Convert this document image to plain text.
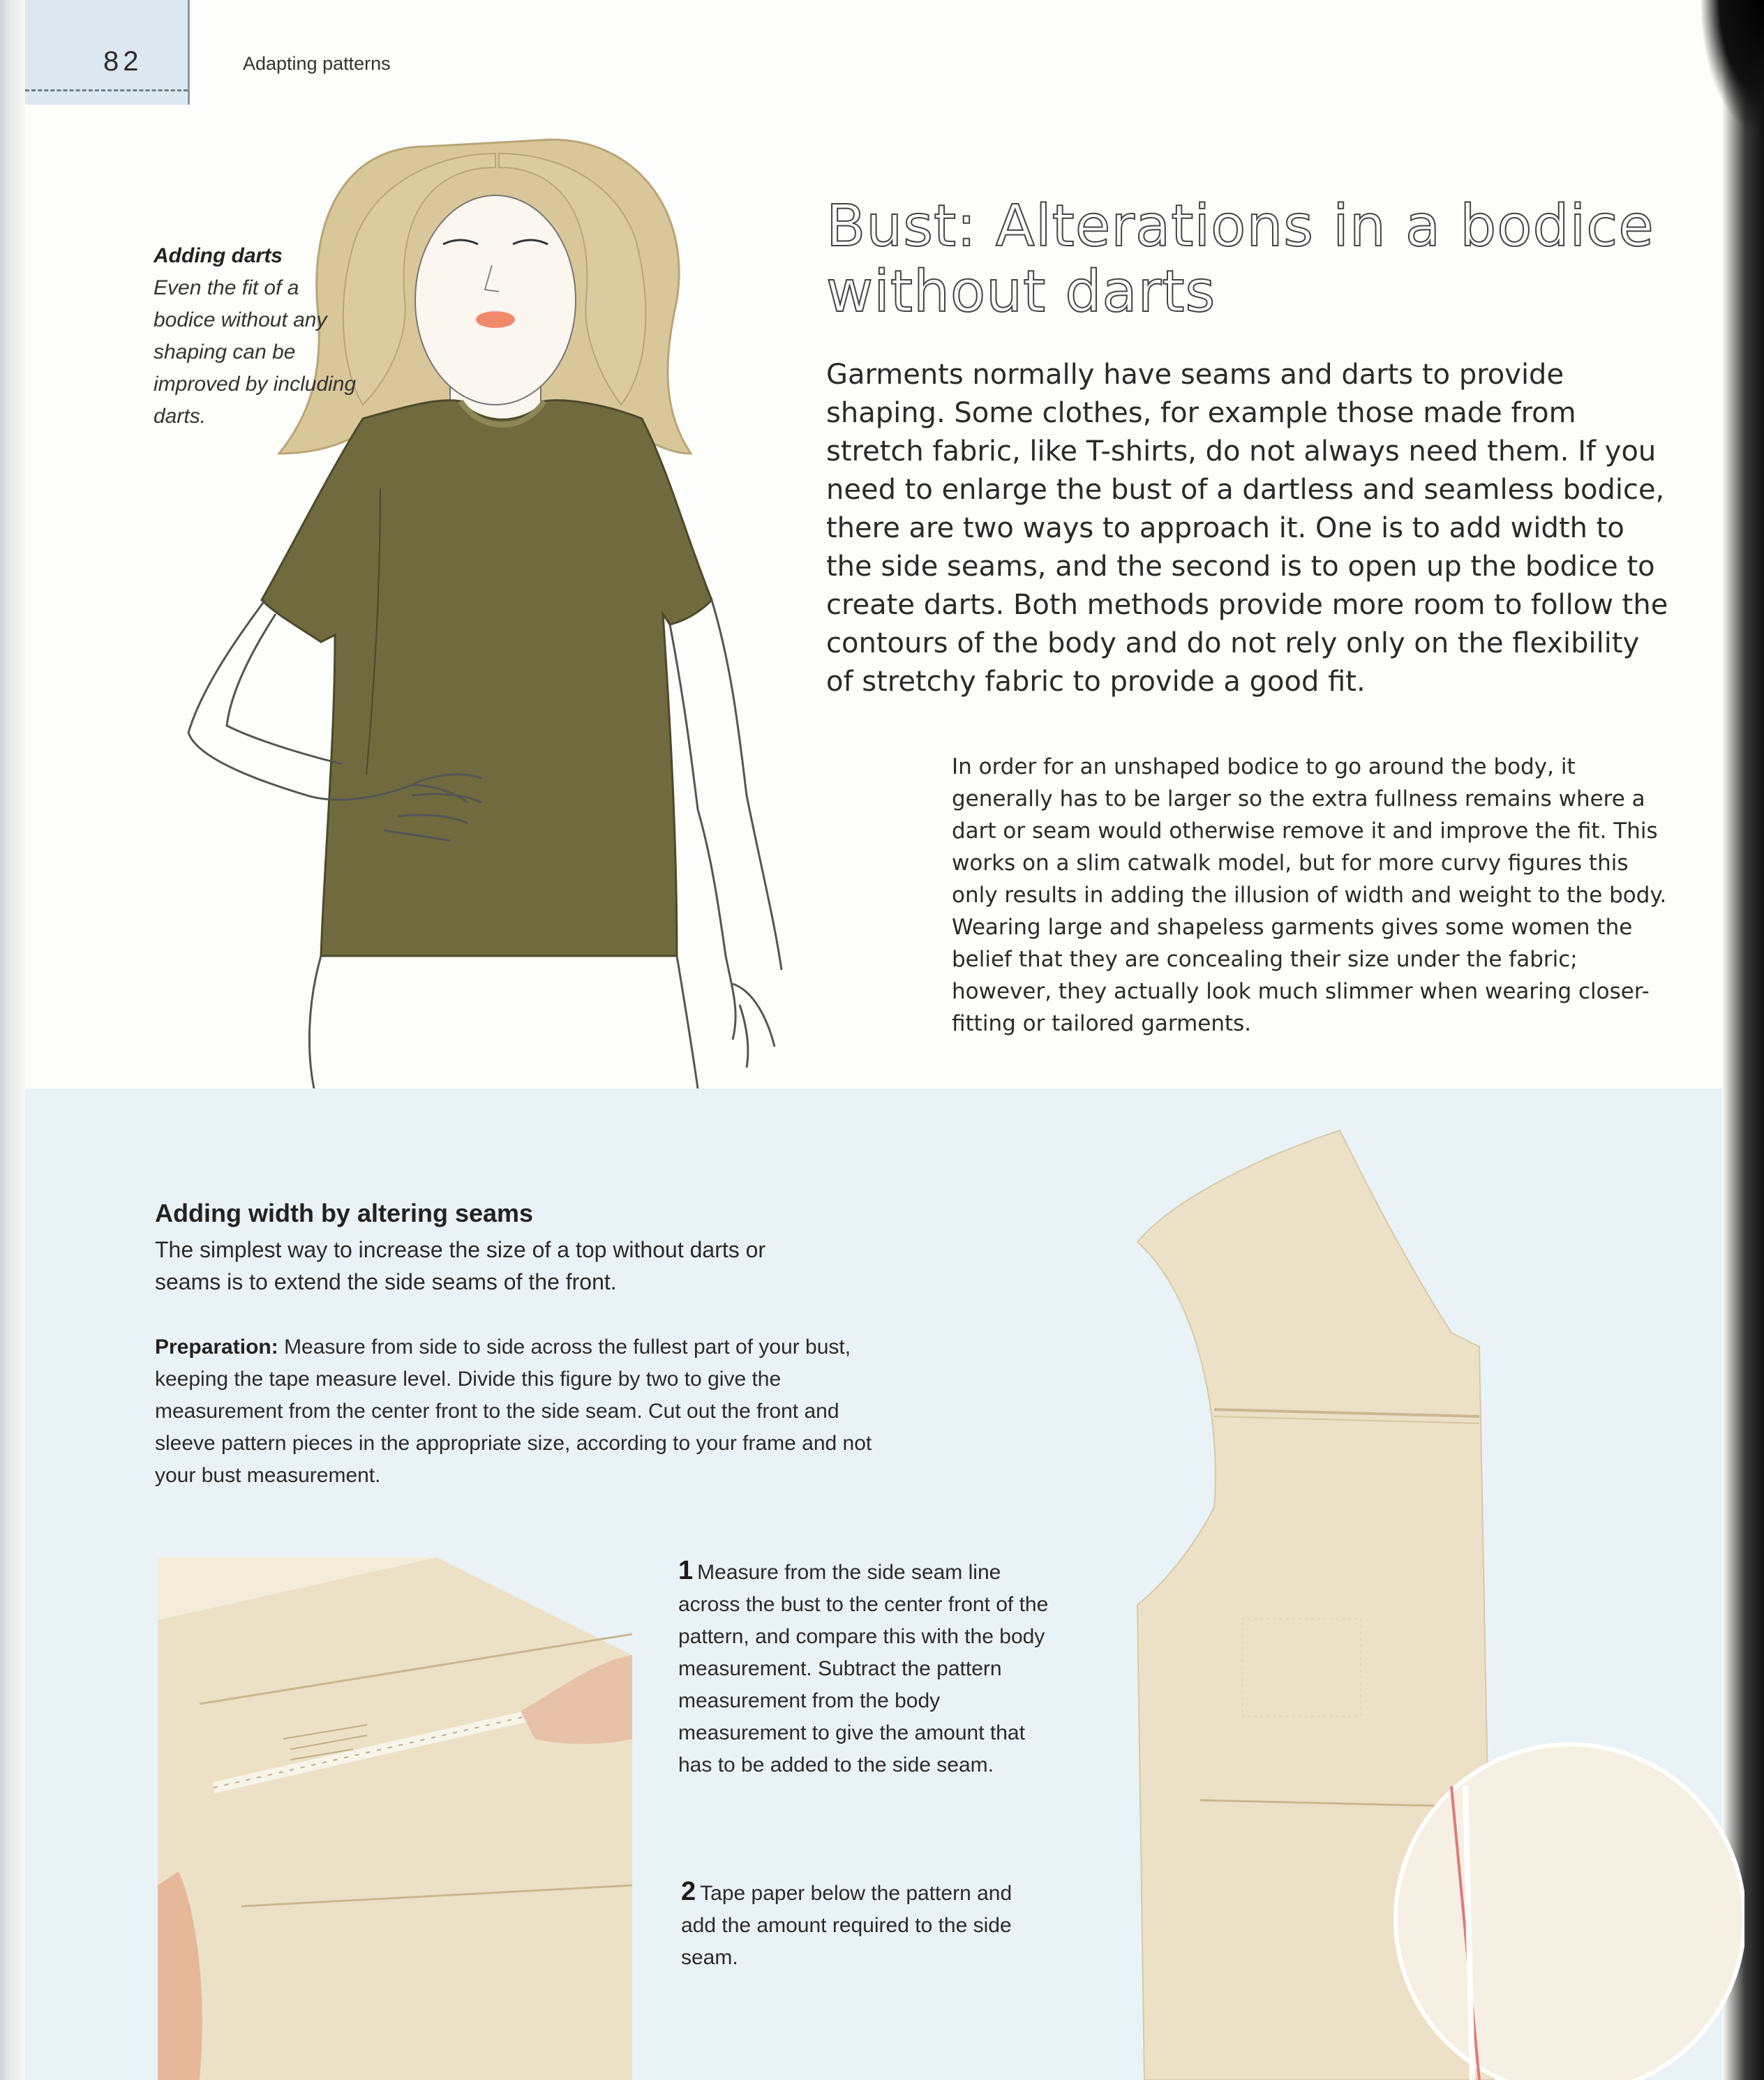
82	Adapting patterns
Adding darts
Even the fit of a bodice without any shaping can be improved by including darts.
Bust: Alterations in a bodice without darts

Garments normally have seams and darts to provide shaping. Some clothes, for example those made from stretch fabric, like T-shirts, do not always need them. If you need to enlarge the bust of a dartless and seamless bodice, there are two ways to approach it. One is to add width to the side seams, and the second is to open up the bodice to create darts. Both methods provide more room to follow the contours of the body and do not rely only on the flexibility of stretchy fabric to provide a good fit.

In order for an unshaped bodice to go around the body, it generally has to be larger so the extra fullness remains where a dart or seam would otherwise remove it and improve the fit. This works on a slim catwalk model, but for more curvy figures this only results in adding the illusion of width and weight to the body. Wearing large and shapeless garments gives some women the belief that they are concealing their size under the fabric; however, they actually look much slimmer when wearing closer-fitting or tailored garments.

Adding width by altering seams

The simplest way to increase the size of a top without darts or seams is to extend the side seams of the front.

Preparation: Measure from side to side across the fullest part of your bust, keeping the tape measure level. Divide this figure by two to give the measurement from the center front to the side seam. Cut out the front and sleeve pattern pieces in the appropriate size, according to your frame and not your bust measurement.

1 Measure from the side seam line across the bust to the center front of the pattern, and compare this with the body measurement. Subtract the pattern measurement from the body measurement to give the amount that has to be added to the side seam.
2 Tape paper below the pattern and add the amount required to the side seam.
